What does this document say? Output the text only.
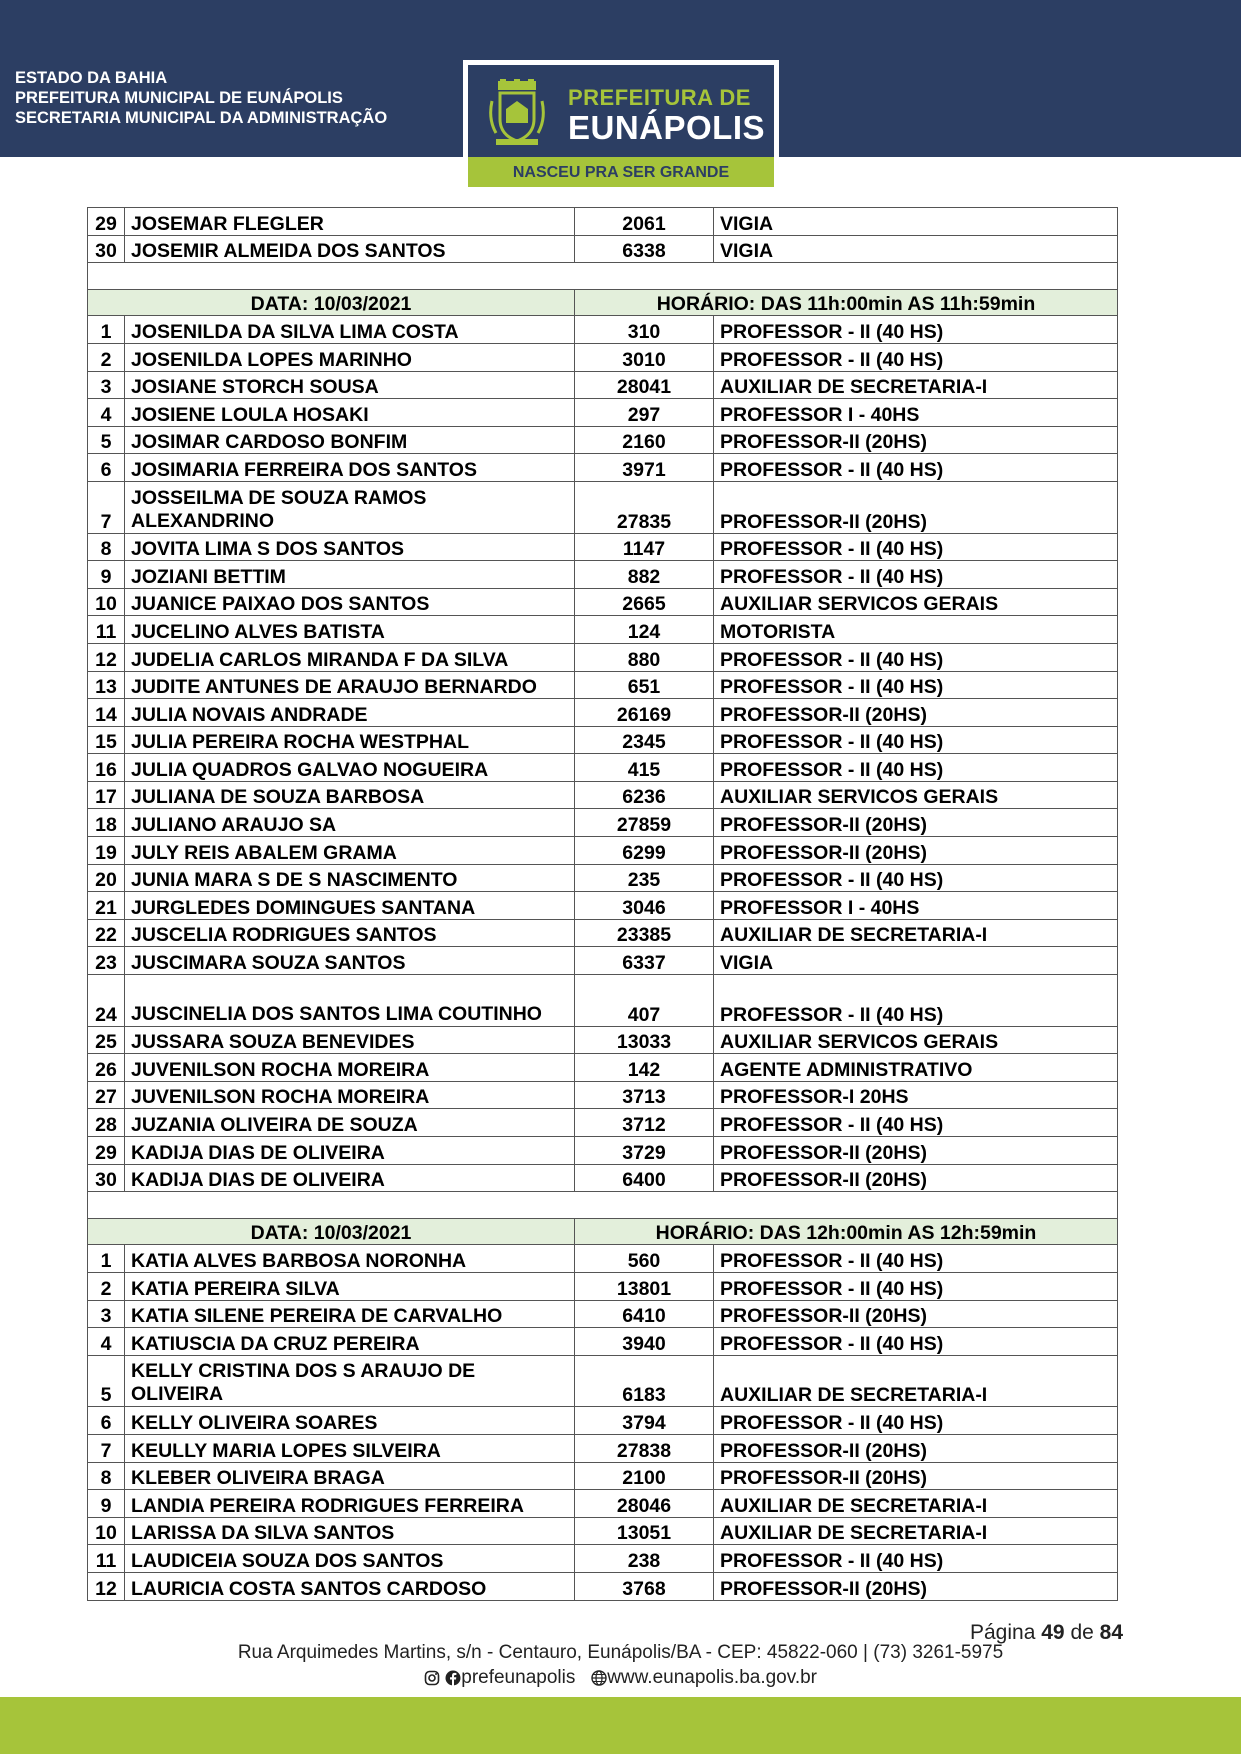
ESTADO DA BAHIA
PREFEITURA MUNICIPAL DE EUNÁPOLIS
SECRETARIA MUNICIPAL DA ADMINISTRAÇÃO
PREFEITURA DE
EUNÁPOLIS
NASCEU PRA SER GRANDE
29	JOSEMAR FLEGLER	2061	VIGIA
30	JOSEMIR ALMEIDA DOS SANTOS	6338	VIGIA

DATA: 10/03/2021		HORÁRIO: DAS 11h:00min AS 11h:59min	
1	JOSENILDA DA SILVA LIMA COSTA	310	PROFESSOR - II (40 HS)
2	JOSENILDA LOPES MARINHO	3010	PROFESSOR - II (40 HS)
3	JOSIANE STORCH SOUSA	28041	AUXILIAR DE SECRETARIA-I
4	JOSIENE LOULA HOSAKI	297	PROFESSOR I - 40HS
5	JOSIMAR CARDOSO BONFIM	2160	PROFESSOR-II (20HS)
6	JOSIMARIA FERREIRA DOS SANTOS	3971	PROFESSOR - II (40 HS)
7	JOSSEILMA DE SOUZA RAMOS ALEXANDRINO	27835	PROFESSOR-II (20HS)
8	JOVITA LIMA S DOS SANTOS	1147	PROFESSOR - II (40 HS)
9	JOZIANI BETTIM	882	PROFESSOR - II (40 HS)
10	JUANICE PAIXAO DOS SANTOS	2665	AUXILIAR SERVICOS GERAIS
11	JUCELINO ALVES BATISTA	124	MOTORISTA
12	JUDELIA CARLOS MIRANDA F DA SILVA	880	PROFESSOR - II (40 HS)
13	JUDITE ANTUNES DE ARAUJO BERNARDO	651	PROFESSOR - II (40 HS)
14	JULIA NOVAIS ANDRADE	26169	PROFESSOR-II (20HS)
15	JULIA PEREIRA ROCHA WESTPHAL	2345	PROFESSOR - II (40 HS)
16	JULIA QUADROS GALVAO NOGUEIRA	415	PROFESSOR - II (40 HS)
17	JULIANA DE SOUZA BARBOSA	6236	AUXILIAR SERVICOS GERAIS
18	JULIANO ARAUJO SA	27859	PROFESSOR-II (20HS)
19	JULY REIS ABALEM GRAMA	6299	PROFESSOR-II (20HS)
20	JUNIA MARA S DE S NASCIMENTO	235	PROFESSOR - II (40 HS)
21	JURGLEDES DOMINGUES SANTANA	3046	PROFESSOR I - 40HS
22	JUSCELIA RODRIGUES SANTOS	23385	AUXILIAR DE SECRETARIA-I
23	JUSCIMARA SOUZA SANTOS	6337	VIGIA
24	JUSCINELIA DOS SANTOS LIMA COUTINHO	407	PROFESSOR - II (40 HS)
25	JUSSARA SOUZA BENEVIDES	13033	AUXILIAR SERVICOS GERAIS
26	JUVENILSON ROCHA MOREIRA	142	AGENTE ADMINISTRATIVO
27	JUVENILSON ROCHA MOREIRA	3713	PROFESSOR-I 20HS
28	JUZANIA OLIVEIRA DE SOUZA	3712	PROFESSOR - II (40 HS)
29	KADIJA DIAS DE OLIVEIRA	3729	PROFESSOR-II (20HS)
30	KADIJA DIAS DE OLIVEIRA	6400	PROFESSOR-II (20HS)

DATA: 10/03/2021		HORÁRIO: DAS 12h:00min AS 12h:59min	
1	KATIA ALVES BARBOSA NORONHA	560	PROFESSOR - II (40 HS)
2	KATIA PEREIRA SILVA	13801	PROFESSOR - II (40 HS)
3	KATIA SILENE PEREIRA DE CARVALHO	6410	PROFESSOR-II (20HS)
4	KATIUSCIA DA CRUZ PEREIRA	3940	PROFESSOR - II (40 HS)
5	KELLY CRISTINA DOS S ARAUJO DE OLIVEIRA	6183	AUXILIAR DE SECRETARIA-I
6	KELLY OLIVEIRA SOARES	3794	PROFESSOR - II (40 HS)
7	KEULLY MARIA LOPES SILVEIRA	27838	PROFESSOR-II (20HS)
8	KLEBER OLIVEIRA BRAGA	2100	PROFESSOR-II (20HS)
9	LANDIA PEREIRA RODRIGUES FERREIRA	28046	AUXILIAR DE SECRETARIA-I
10	LARISSA DA SILVA SANTOS	13051	AUXILIAR DE SECRETARIA-I
11	LAUDICEIA SOUZA DOS SANTOS	238	PROFESSOR - II (40 HS)
12	LAURICIA COSTA SANTOS CARDOSO	3768	PROFESSOR-II (20HS)
Página 49 de 84
Rua Arquimedes Martins, s/n - Centauro, Eunápolis/BA - CEP: 45822-060 | (73) 3261-5975
prefeunapolis www.eunapolis.ba.gov.br
